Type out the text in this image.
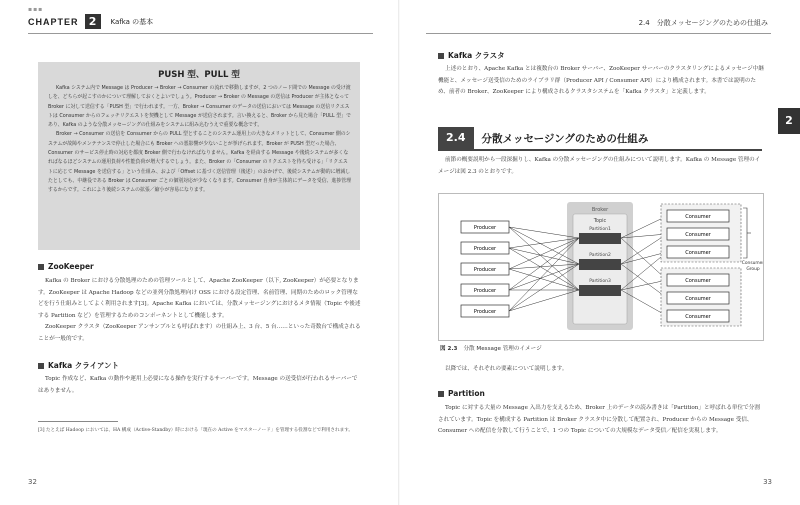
▪▪▪
CHAPTER 2	Kafka の基本
PUSH 型、PULL 型

Kafka システム内で Message は Producer → Broker → Consumer の流れで移動しますが、2 つのノード間での Messsge の受け渡しを、どちらが起こすのかについて理解しておくとよいでしょう。Producer → Broker の Message の送信は Producer が主体となって Broker に対して送信する「PUSH 型」で行われます。一方、Broker → Consumer のデータの送信においては Message の送信リクエストは Consumer からのフェッチリクエストを契機として Message が送信されます。言い換えると、Broker から見た場合「PULL 型」であり、Kafka のような分散メッセージングの仕組みをシステムに組み込むうえで重要な概念です。

Broker → Consumer の送信を Consumer からの PULL 型とすることのシステム運用上の大きなメリットとして、Consumer 側のシステムが故障やメンテナンスで停止した場合にも Broker への悪影響が少ないことが挙げられます。Broker が PUSH 型だった場合、Consumer のサービス停止時の対応を都度 Broker 側で行わなければなりません。Kafka を経由する Message や後続システムが多くなればなるほどシステムの運用負荷や性能負荷が増大するでしょう。また、Broker の「Consumer のリクエストを待ち受ける」「リクエストに応じて Message を送信する」という仕組み、および「Offset に基づく送信管理（後述）」のおかげで、後続システムが動的に増減したとしても、中継役である Broker は Consumer ごとの個別対応が少なくなります。Consumer 自身が主体的にデータを受信、進捗管理するからです。これにより後続システムの拡張／縮小が容易になります。

ZooKeeper

Kafka の Broker における分散処理のための管理ツールとして、Apache ZooKeeper（以下, ZooKeeper）が必要となります。ZooKeeper は Apache Hadoop などの並列分散処理向け OSS における設定管理、名前管理、同期のためのロック管理などを行う仕組みとしてよく利用されます[3]。Apache Kafka においては、分散メッセージングにおけるメタ情報（Topic や後述する Partition など）を管理するためのコンポーネントとして機能します。

ZooKeeper クラスタ（ZooKeeper アンサンブルとも呼ばれます）の仕組み上、3 台、5 台……といった奇数台で構成されることが一般的です。

Kafka クライアント

Topic 作成など、Kafka の動作や運用上必要になる操作を実行するサーバーです。Message の送受信が行われるサーバーではありません。

[3] たとえば Hadoop においては、HA 構成（Active-Standby）時における「現在の Active をマスターノード」を管理する役割などで利用されます。
32
2.4　分散メッセージングのための仕組み
2
Kafka クラスタ

上述のとおり、Apache Kafka とは複数台の Broker サーバー、ZooKeeper サーバーのクラスタリングによるメッセージ中継機能と、メッセージ送受信のためのライブラリ群（Producer API / Consumer API）により構成されます。本書では説明のため、前者の Broker、ZooKeeper により構成されるクラスタシステムを「Kafka クラスタ」と定義します。

2.4	分散メッセージングのための仕組み

前節の概要説明から一段深掘りし、Kafka の分散メッセージングの仕組みについて説明します。Kafka の Message 管理のイメージは図 2.3 のとおりです。

Broker
Topic
Partition1
Partition2
Partition3
Producer
Producer
Producer
Producer
Producer
Consumer
Consumer
Consumer
Consumer
Consumer
Consumer
Consumer
Group
図 2.3 分散 Message 管理のイメージ

以降では、それぞれの要素について説明します。

Partition

Topic に対する大量の Message 入出力を支えるため、Broker 上のデータの読み書きは「Partition」と呼ばれる単位で分割されています。Topic を構成する Partition は Broker クラスタ中に分散して配置され、Producer からの Message 受信、Consumer への配信を分散して行うことで、1 つの Topic についての大規模なデータ受信／配信を実現します。

33
